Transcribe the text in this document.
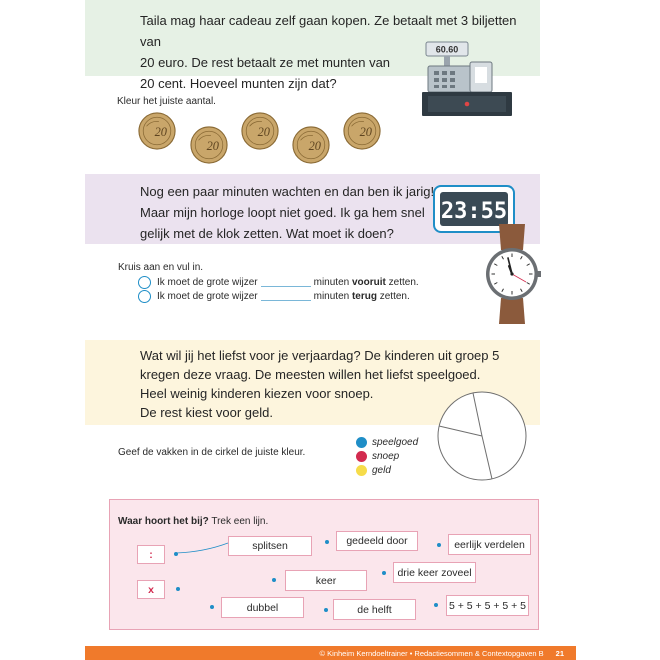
Taila mag haar cadeau zelf gaan kopen. Ze betaalt met 3 biljetten van
20 euro. De rest betaalt ze met munten van
20 cent. Hoeveel munten zijn dat?
60.60
Kleur het juiste aantal.
20
20
20
20
20
Nog een paar minuten wachten en dan ben ik jarig!
Maar mijn horloge loopt niet goed. Ik ga hem snel
gelijk met de klok zetten. Wat moet ik doen?
23:55
Kruis aan en vul in.
Ik moet de grote wijzer	minuten
vooruit
zetten.
Ik moet de grote wijzer	minuten
terug
zetten.
Wat wil jij het liefst voor je verjaardag? De kinderen uit groep 5
kregen deze vraag. De meesten willen het liefst speelgoed.
Heel weinig kinderen kiezen voor snoep.
De rest kiest voor geld.
Geef de vakken in de cirkel de juiste kleur.
speelgoed
snoep
geld
Waar hoort het bij? Trek een lijn.
:
x
splitsen	gedeeld door	eerlijk verdelen
keer
drie keer zoveel
dubbel	de helft	5 + 5 + 5 + 5 + 5
© Kinheim Kerndoeltrainer • Redactiesommen & Contextopgaven B 21
